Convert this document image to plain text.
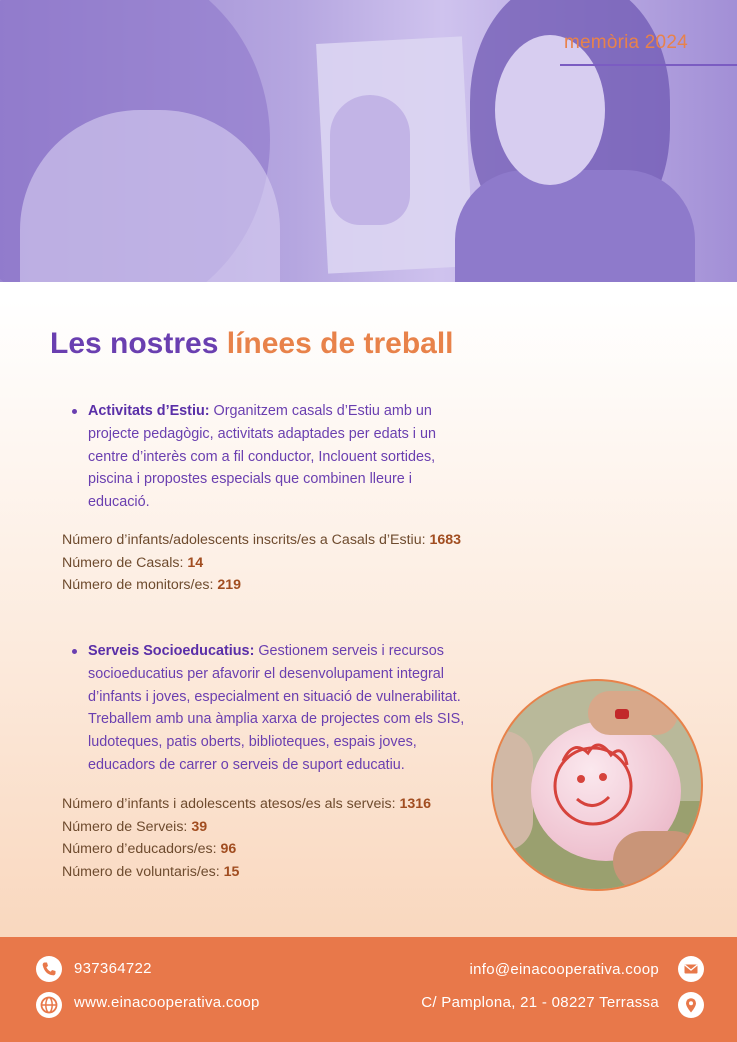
memòria 2024
Les nostres línees de treball
Activitats d’Estiu: Organitzem casals d’Estiu amb un projecte pedagògic, activitats adaptades per edats i un centre d’interès com a fil conductor, Inclouent sortides, piscina i propostes especials que combinen lleure i educació.
Número d’infants/adolescents inscrits/es a Casals d’Estiu: 1683
Número de Casals: 14
Número de monitors/es: 219
Serveis Socioeducatius: Gestionem serveis i recursos socioeducatius per afavorir el desenvolupament integral d’infants i joves, especialment en situació de vulnerabilitat. Treballem amb una àmplia xarxa de projectes com els SIS, ludoteques, patis oberts, biblioteques, espais joves, educadors de carrer o serveis de suport educatiu.
Número d’infants i adolescents atesos/es als serveis: 1316
Número de Serveis: 39
Número d’educadors/es: 96
Número de voluntaris/es: 15
937364722
www.einacooperativa.coop
info@einacooperativa.coop
C/ Pamplona, 21 - 08227 Terrassa
